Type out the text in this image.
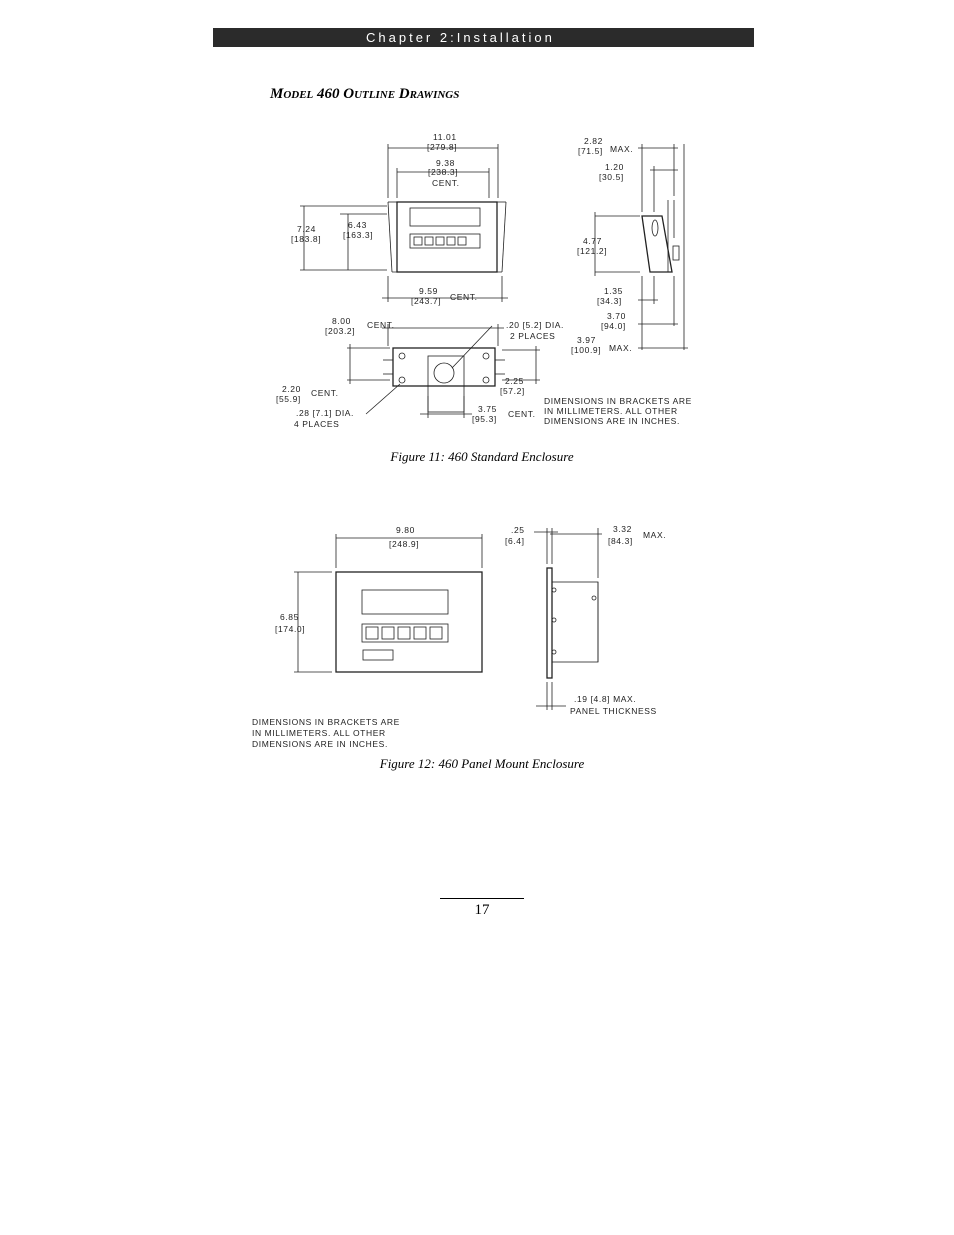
Chapter 2:Installation
Model 460 Outline Drawings
11.01
[279.8]
9.38
[238.3]
CENT.
7.24
[183.8]
6.43
[163.3]
9.59
[243.7] CENT.
2.82
[71.5] MAX.
1.20
[30.5]
4.77
[121.2]
1.35
[34.3]
3.70
[94.0]
3.97
[100.9] MAX.
8.00
[203.2]
CENT.	.20 [5.2] DIA.
2 PLACES
2.20
[55.9]
CENT.
.28 [7.1] DIA.
4 PLACES
2.25
[57.2]
3.75
[95.3] CENT.
DIMENSIONS IN BRACKETS ARE
IN MILLIMETERS. ALL OTHER
DIMENSIONS ARE IN INCHES.
Figure 11: 460 Standard Enclosure
9.80
[248.9]
6.85
[174.0]
.25
[6.4]
3.32
[84.3]
MAX.
.19 [4.8] MAX.
PANEL THICKNESS
DIMENSIONS IN BRACKETS ARE
IN MILLIMETERS. ALL OTHER
DIMENSIONS ARE IN INCHES.
Figure 12: 460 Panel Mount Enclosure
17
